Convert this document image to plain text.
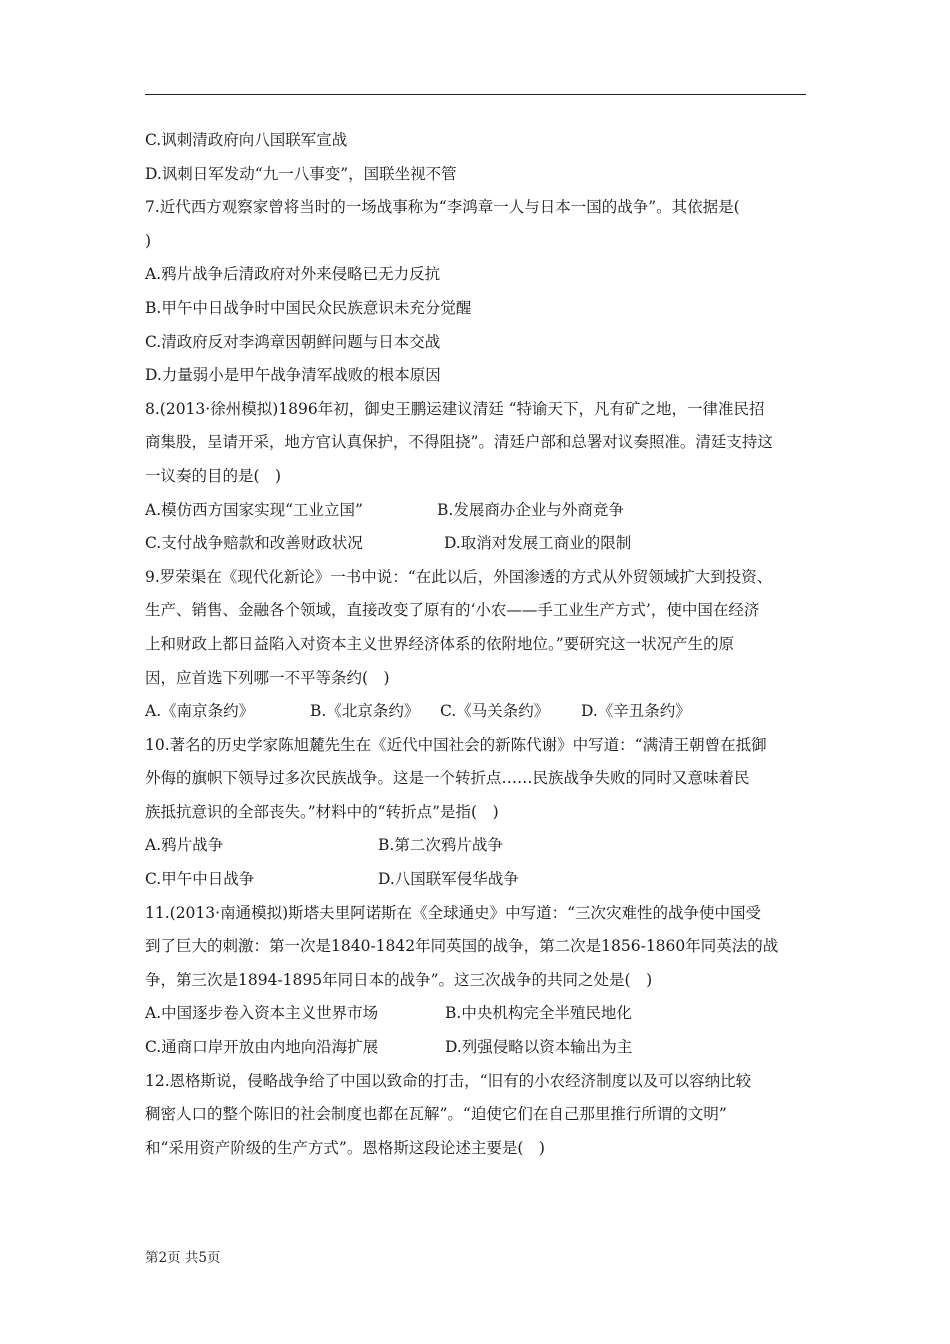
C.讽刺清政府向八国联军宣战
D.讽刺日军发动“九一八事变”，国联坐视不管
7.近代西方观察家曾将当时的一场战事称为“李鸿章一人与日本一国的战争”。其依据是(
)
A.鸦片战争后清政府对外来侵略已无力反抗
B.甲午中日战争时中国民众民族意识未充分觉醒
C.清政府反对李鸿章因朝鲜问题与日本交战
D.力量弱小是甲午战争清军战败的根本原因
8.(2013·徐州模拟)1896年初，御史王鹏运建议清廷 “特谕天下，凡有矿之地，一律准民招
商集股，呈请开采，地方官认真保护，不得阻挠”。清廷户部和总署对议奏照准。清廷支持这
一议奏的目的是(　)
A.模仿西方国家实现“工业立国”	B.发展商办企业与外商竞争
C.支付战争赔款和改善财政状况	D.取消对发展工商业的限制
9.罗荣渠在《现代化新论》一书中说：“在此以后，外国渗透的方式从外贸领域扩大到投资、
生产、销售、金融各个领域，直接改变了原有的‘小农——手工业生产方式’，使中国在经济
上和财政上都日益陷入对资本主义世界经济体系的依附地位。”要研究这一状况产生的原
因，应首选下列哪一不平等条约(　)
A.《南京条约》	B.《北京条约》	C.《马关条约》	D.《辛丑条约》
10.著名的历史学家陈旭麓先生在《近代中国社会的新陈代谢》中写道：“满清王朝曾在抵御
外侮的旗帜下领导过多次民族战争。这是一个转折点……民族战争失败的同时又意味着民
族抵抗意识的全部丧失。”材料中的“转折点”是指(　)
A.鸦片战争	B.第二次鸦片战争
C.甲午中日战争	D.八国联军侵华战争
11.(2013·南通模拟)斯塔夫里阿诺斯在《全球通史》中写道：“三次灾难性的战争使中国受
到了巨大的刺激：第一次是1840-1842年同英国的战争，第二次是1856-1860年同英法的战
争，第三次是1894-1895年同日本的战争”。这三次战争的共同之处是(　)
A.中国逐步卷入资本主义世界市场	B.中央机构完全半殖民地化
C.通商口岸开放由内地向沿海扩展	D.列强侵略以资本输出为主
12.恩格斯说，侵略战争给了中国以致命的打击，“旧有的小农经济制度以及可以容纳比较
稠密人口的整个陈旧的社会制度也都在瓦解”。“迫使它们在自己那里推行所谓的文明”
和“采用资产阶级的生产方式”。恩格斯这段论述主要是(　)
第2页 共5页
